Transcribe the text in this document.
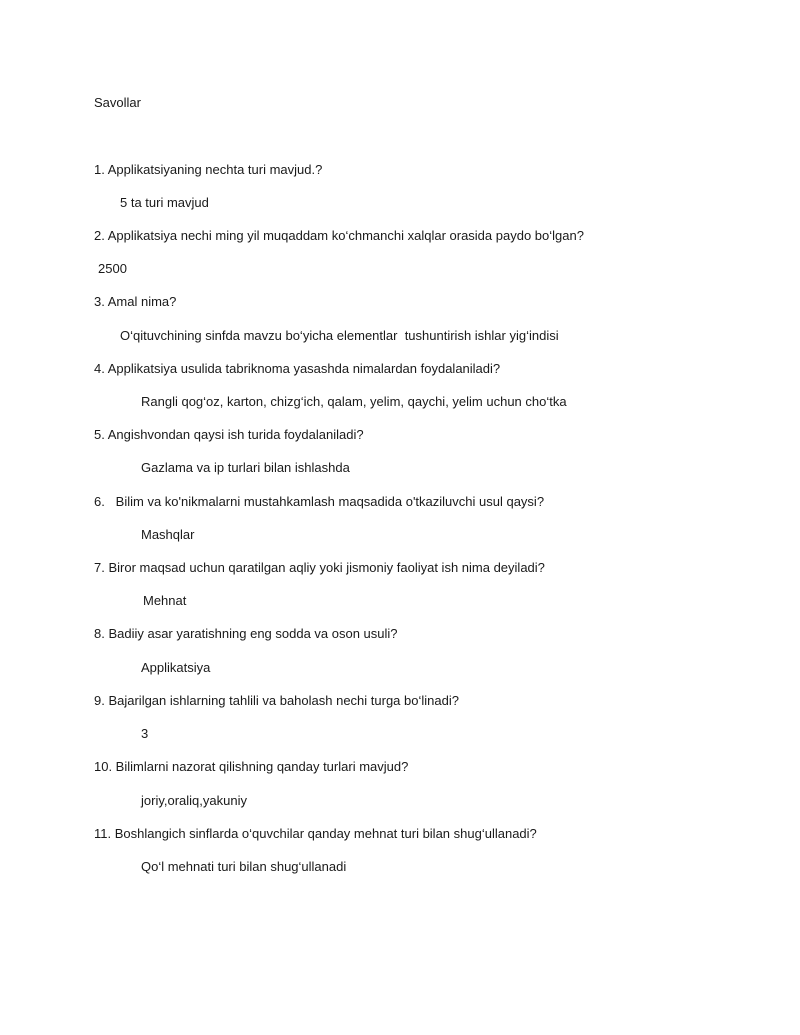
Savollar
1. Applikatsiyaning nechta turi mavjud.?
5 ta turi mavjud
2. Applikatsiya nechi ming yil muqaddam ko‘chmanchi xalqlar orasida paydo bo‘lgan?
2500
3. Amal nima?
O‘qituvchining sinfda mavzu bo‘yicha elementlar  tushuntirish ishlar yig‘indisi
4. Applikatsiya usulida tabriknoma yasashda nimalardan foydalaniladi?
Rangli qog‘oz, karton, chizg‘ich, qalam, yelim, qaychi, yelim uchun cho‘tka
5. Angishvondan qaysi ish turida foydalaniladi?
Gazlama va ip turlari bilan ishlashda
6.   Bilim va ko'nikmalarni mustahkamlash maqsadida o'tkaziluvchi usul qaysi?
Mashqlar
7. Biror maqsad uchun qaratilgan aqliy yoki jismoniy faoliyat ish nima deyiladi?
Mehnat
8. Badiiy asar yaratishning eng sodda va oson usuli?
Applikatsiya
9. Bajarilgan ishlarning tahlili va baholash nechi turga bo‘linadi?
3
10. Bilimlarni nazorat qilishning qanday turlari mavjud?
joriy,oraliq,yakuniy
11. Boshlangich sinflarda o‘quvchilar qanday mehnat turi bilan shug‘ullanadi?
Qo‘l mehnati turi bilan shug‘ullanadi
